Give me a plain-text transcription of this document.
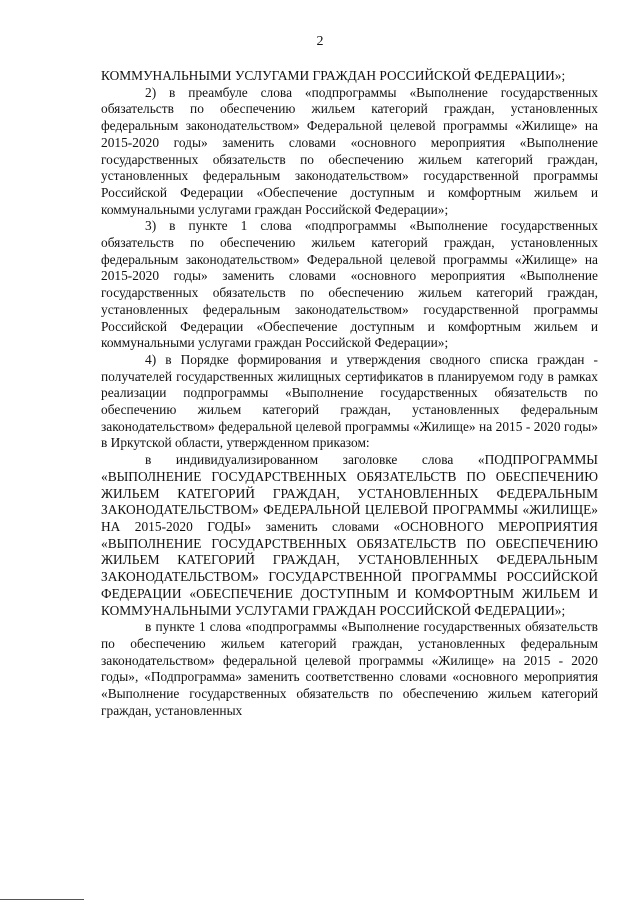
2

КОММУНАЛЬНЫМИ УСЛУГАМИ ГРАЖДАН РОССИЙСКОЙ ФЕДЕРАЦИИ»;

2) в преамбуле слова «подпрограммы «Выполнение государственных обязательств по обеспечению жильем категорий граждан, установленных федеральным законодательством» Федеральной целевой программы «Жилище» на 2015-2020 годы» заменить словами «основного мероприятия «Выполнение государственных обязательств по обеспечению жильем категорий граждан, установленных федеральным законодательством» государственной программы Российской Федерации «Обеспечение доступным и комфортным жильем и коммунальными услугами граждан Российской Федерации»;

3) в пункте 1 слова «подпрограммы «Выполнение государственных обязательств по обеспечению жильем категорий граждан, установленных федеральным законодательством» Федеральной целевой программы «Жилище» на 2015-2020 годы» заменить словами «основного мероприятия «Выполнение государственных обязательств по обеспечению жильем категорий граждан, установленных федеральным законодательством» государственной программы Российской Федерации «Обеспечение доступным и комфортным жильем и коммунальными услугами граждан Российской Федерации»;

4) в Порядке формирования и утверждения сводного списка граждан - получателей государственных жилищных сертификатов в планируемом году в рамках реализации подпрограммы «Выполнение государственных обязательств по обеспечению жильем категорий граждан, установленных федеральным законодательством» федеральной целевой программы «Жилище» на 2015 - 2020 годы» в Иркутской области, утвержденном приказом:

в индивидуализированном заголовке слова «ПОДПРОГРАММЫ «ВЫПОЛНЕНИЕ ГОСУДАРСТВЕННЫХ ОБЯЗАТЕЛЬСТВ ПО ОБЕСПЕЧЕНИЮ ЖИЛЬЕМ КАТЕГОРИЙ ГРАЖДАН, УСТАНОВЛЕННЫХ ФЕДЕРАЛЬНЫМ ЗАКОНОДАТЕЛЬСТВОМ» ФЕДЕРАЛЬНОЙ ЦЕЛЕВОЙ ПРОГРАММЫ «ЖИЛИЩЕ» НА 2015-2020 ГОДЫ» заменить словами «ОСНОВНОГО МЕРОПРИЯТИЯ «ВЫПОЛНЕНИЕ ГОСУДАРСТВЕННЫХ ОБЯЗАТЕЛЬСТВ ПО ОБЕСПЕЧЕНИЮ ЖИЛЬЕМ КАТЕГОРИЙ ГРАЖДАН, УСТАНОВЛЕННЫХ ФЕДЕРАЛЬНЫМ ЗАКОНОДАТЕЛЬСТВОМ» ГОСУДАРСТВЕННОЙ ПРОГРАММЫ РОССИЙСКОЙ ФЕДЕРАЦИИ «ОБЕСПЕЧЕНИЕ ДОСТУПНЫМ И КОМФОРТНЫМ ЖИЛЬЕМ И КОММУНАЛЬНЫМИ УСЛУГАМИ ГРАЖДАН РОССИЙСКОЙ ФЕДЕРАЦИИ»;

в пункте 1 слова «подпрограммы «Выполнение государственных обязательств по обеспечению жильем категорий граждан, установленных федеральным законодательством» федеральной целевой программы «Жилище» на 2015 - 2020 годы», «Подпрограмма» заменить соответственно словами «основного мероприятия «Выполнение государственных обязательств по обеспечению жильем категорий граждан, установленных
